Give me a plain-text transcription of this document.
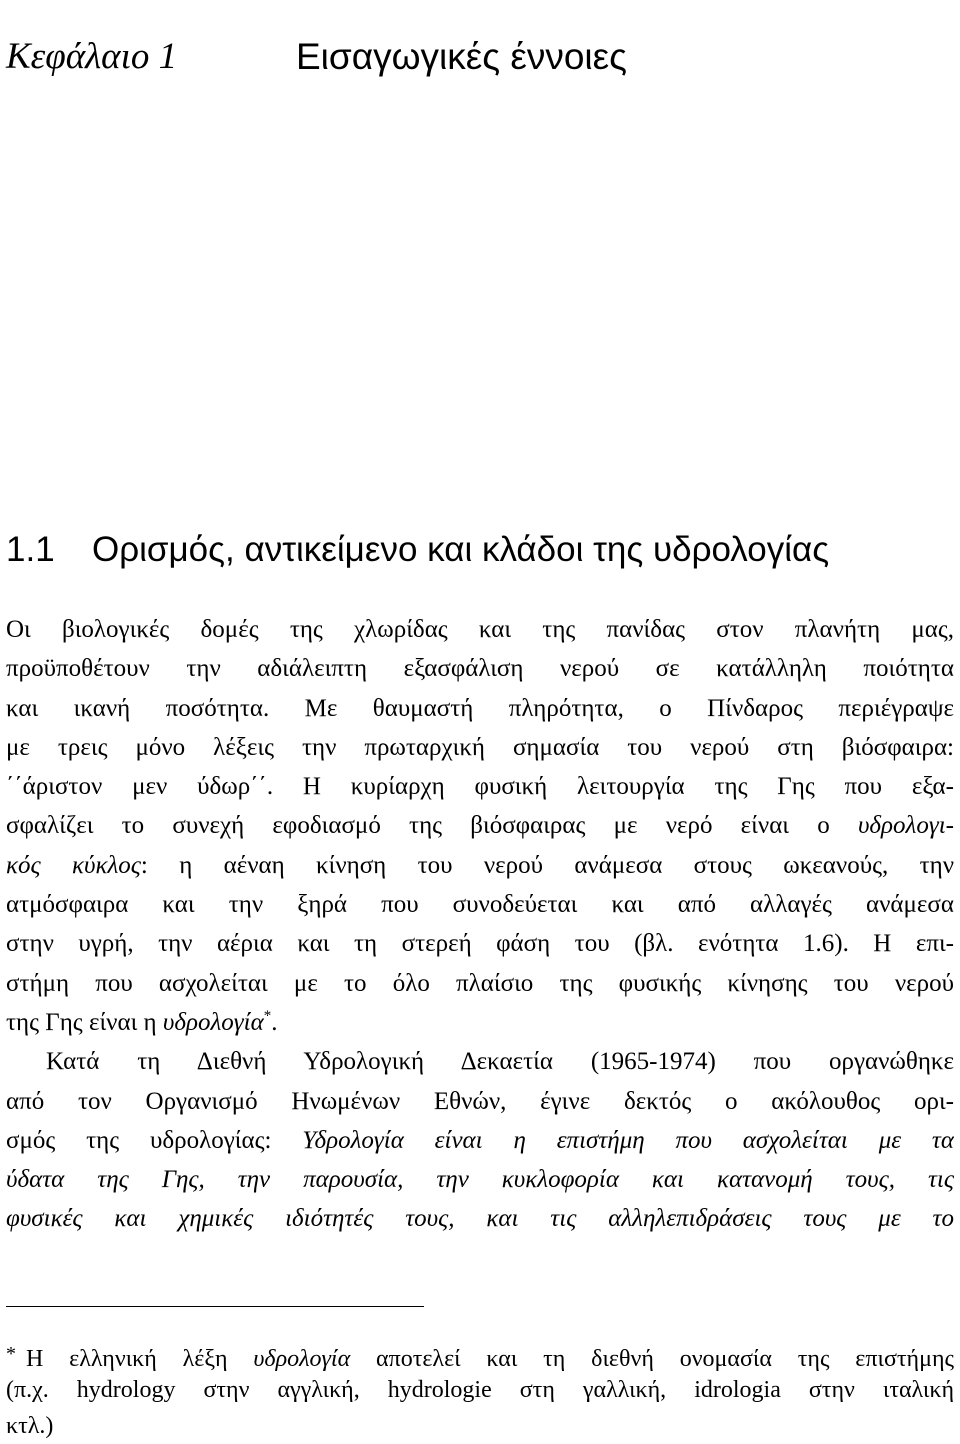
Κεφάλαιο 1	Εισαγωγικές έννοιες
1.1 Ορισμός, αντικείμενο και κλάδοι της υδρολογίας
Οι βιολογικές δομές της χλωρίδας και της πανίδας στον πλανήτη μας,
προϋποθέτουν την αδιάλειπτη εξασφάλιση νερού σε κατάλληλη ποιότητα
και ικανή ποσότητα. Με θαυμαστή πληρότητα, ο Πίνδαρος περιέγραψε
με τρεις μόνο λέξεις την πρωταρχική σημασία του νερού στη βιόσφαιρα:
΄΄άριστον μεν ύδωρ΄΄. Η κυρίαρχη φυσική λειτουργία της Γης που εξα-
σφαλίζει το συνεχή εφοδιασμό της βιόσφαιρας με νερό είναι ο υδρολογι-
κός κύκλος: η αέναη κίνηση του νερού ανάμεσα στους ωκεανούς, την
ατμόσφαιρα και την ξηρά που συνοδεύεται και από αλλαγές ανάμεσα
στην υγρή, την αέρια και τη στερεή φάση του (βλ. ενότητα 1.6). Η επι-
στήμη που ασχολείται με το όλο πλαίσιο της φυσικής κίνησης του νερού
της Γης είναι η υδρολογία*.
Κατά τη Διεθνή Υδρολογική Δεκαετία (1965-1974) που οργανώθηκε
από τον Οργανισμό Ηνωμένων Εθνών, έγινε δεκτός ο ακόλουθος ορι-
σμός της υδρολογίας: Υδρολογία είναι η επιστήμη που ασχολείται με τα
ύδατα της Γης, την παρουσία, την κυκλοφορία και κατανομή τους, τις
φυσικές και χημικές ιδιότητές τους, και τις αλληλεπιδράσεις τους με το
* Η ελληνική λέξη υδρολογία αποτελεί και τη διεθνή ονομασία της επιστήμης
(π.χ. hydrology στην αγγλική, hydrologie στη γαλλική, idrologia στην ιταλική
κτλ.)
